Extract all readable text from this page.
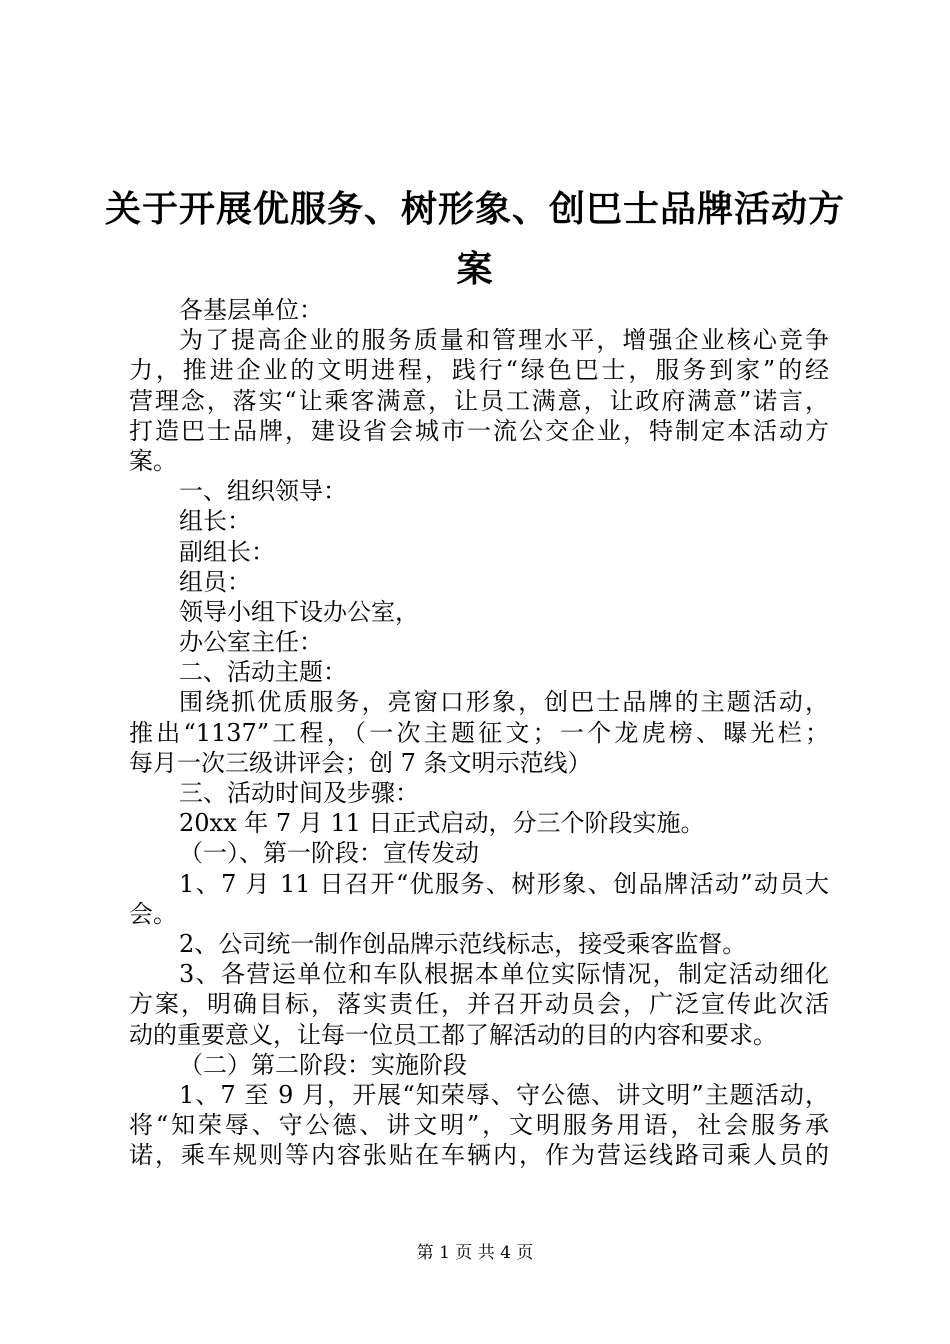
关于开展优服务、树形象、创巴士品牌活动方
案
各基层单位：
为了提高企业的服务质量和管理水平，增强企业核心竞争
力，推进企业的文明进程，践行“绿色巴士，服务到家”的经
营理念，落实“让乘客满意，让员工满意，让政府满意”诺言，
打造巴士品牌，建设省会城市一流公交企业，特制定本活动方
案。
一、组织领导：
组长：
副组长：
组员：
领导小组下设办公室，
办公室主任：
二、活动主题：
围绕抓优质服务，亮窗口形象，创巴士品牌的主题活动，
推出“1137”工程，（一次主题征文；一个龙虎榜、曝光栏；
每月一次三级讲评会；创 7 条文明示范线）
三、活动时间及步骤：
20xx 年 7 月 11 日正式启动，分三个阶段实施。
（一）、第一阶段：宣传发动
1、7 月 11 日召开“优服务、树形象、创品牌活动”动员大
会。
2、公司统一制作创品牌示范线标志，接受乘客监督。
3、各营运单位和车队根据本单位实际情况，制定活动细化
方案，明确目标，落实责任，并召开动员会，广泛宣传此次活
动的重要意义，让每一位员工都了解活动的目的内容和要求。
（二）第二阶段：实施阶段
1、7 至 9 月，开展“知荣辱、守公德、讲文明”主题活动，
将“知荣辱、守公德、讲文明”，文明服务用语，社会服务承
诺，乘车规则等内容张贴在车辆内，作为营运线路司乘人员的
第 1 页 共 4 页
